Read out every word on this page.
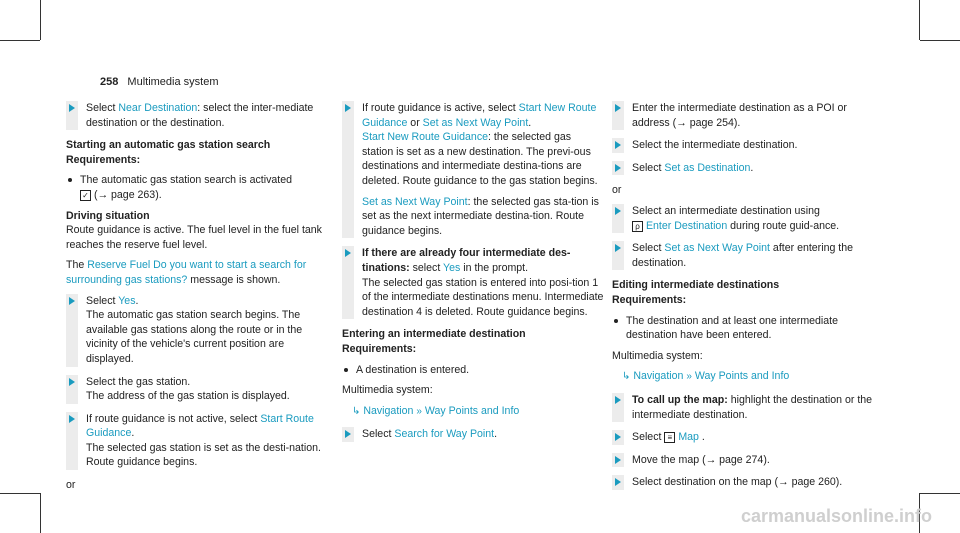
258 Multimedia system
Select Near Destination: select the inter-mediate destination or the destination.
Starting an automatic gas station search
Requirements:
The automatic gas station search is activated
✓ (→ page 263).
Driving situation
Route guidance is active. The fuel level in the fuel tank reaches the reserve fuel level.
The Reserve Fuel Do you want to start a search for surrounding gas stations? message is shown.
Select Yes.
The automatic gas station search begins. The available gas stations along the route or in the vicinity of the vehicle's current position are displayed.
Select the gas station.
The address of the gas station is displayed.
If route guidance is not active, select Start Route Guidance.
The selected gas station is set as the desti-nation. Route guidance begins.
or
If route guidance is active, select Start New Route Guidance or Set as Next Way Point.
Start New Route Guidance: the selected gas station is set as a new destination. The previ-ous destinations and intermediate destina-tions are deleted. Route guidance to the gas station begins.
Set as Next Way Point: the selected gas sta-tion is set as the next intermediate destina-tion. Route guidance begins.
If there are already four intermediate des-tinations: select Yes in the prompt.
The selected gas station is entered into posi-tion 1 of the intermediate destinations menu. Intermediate destination 4 is deleted. Route guidance begins.
Entering an intermediate destination
Requirements:
A destination is entered.
Multimedia system:
↳ Navigation » Way Points and Info
Select Search for Way Point.
Enter the intermediate destination as a POI or address (→ page 254).
Select the intermediate destination.
Select Set as Destination.
or
Select an intermediate destination using
ρ Enter Destination during route guid-ance.
Select Set as Next Way Point after entering the destination.
Editing intermediate destinations
Requirements:
The destination and at least one intermediate destination have been entered.
Multimedia system:
↳ Navigation » Way Points and Info
To call up the map: highlight the destination or the intermediate destination.
Select ≡ Map .
Move the map (→ page 274).
Select destination on the map (→ page 260).
carmanualsonline.info
